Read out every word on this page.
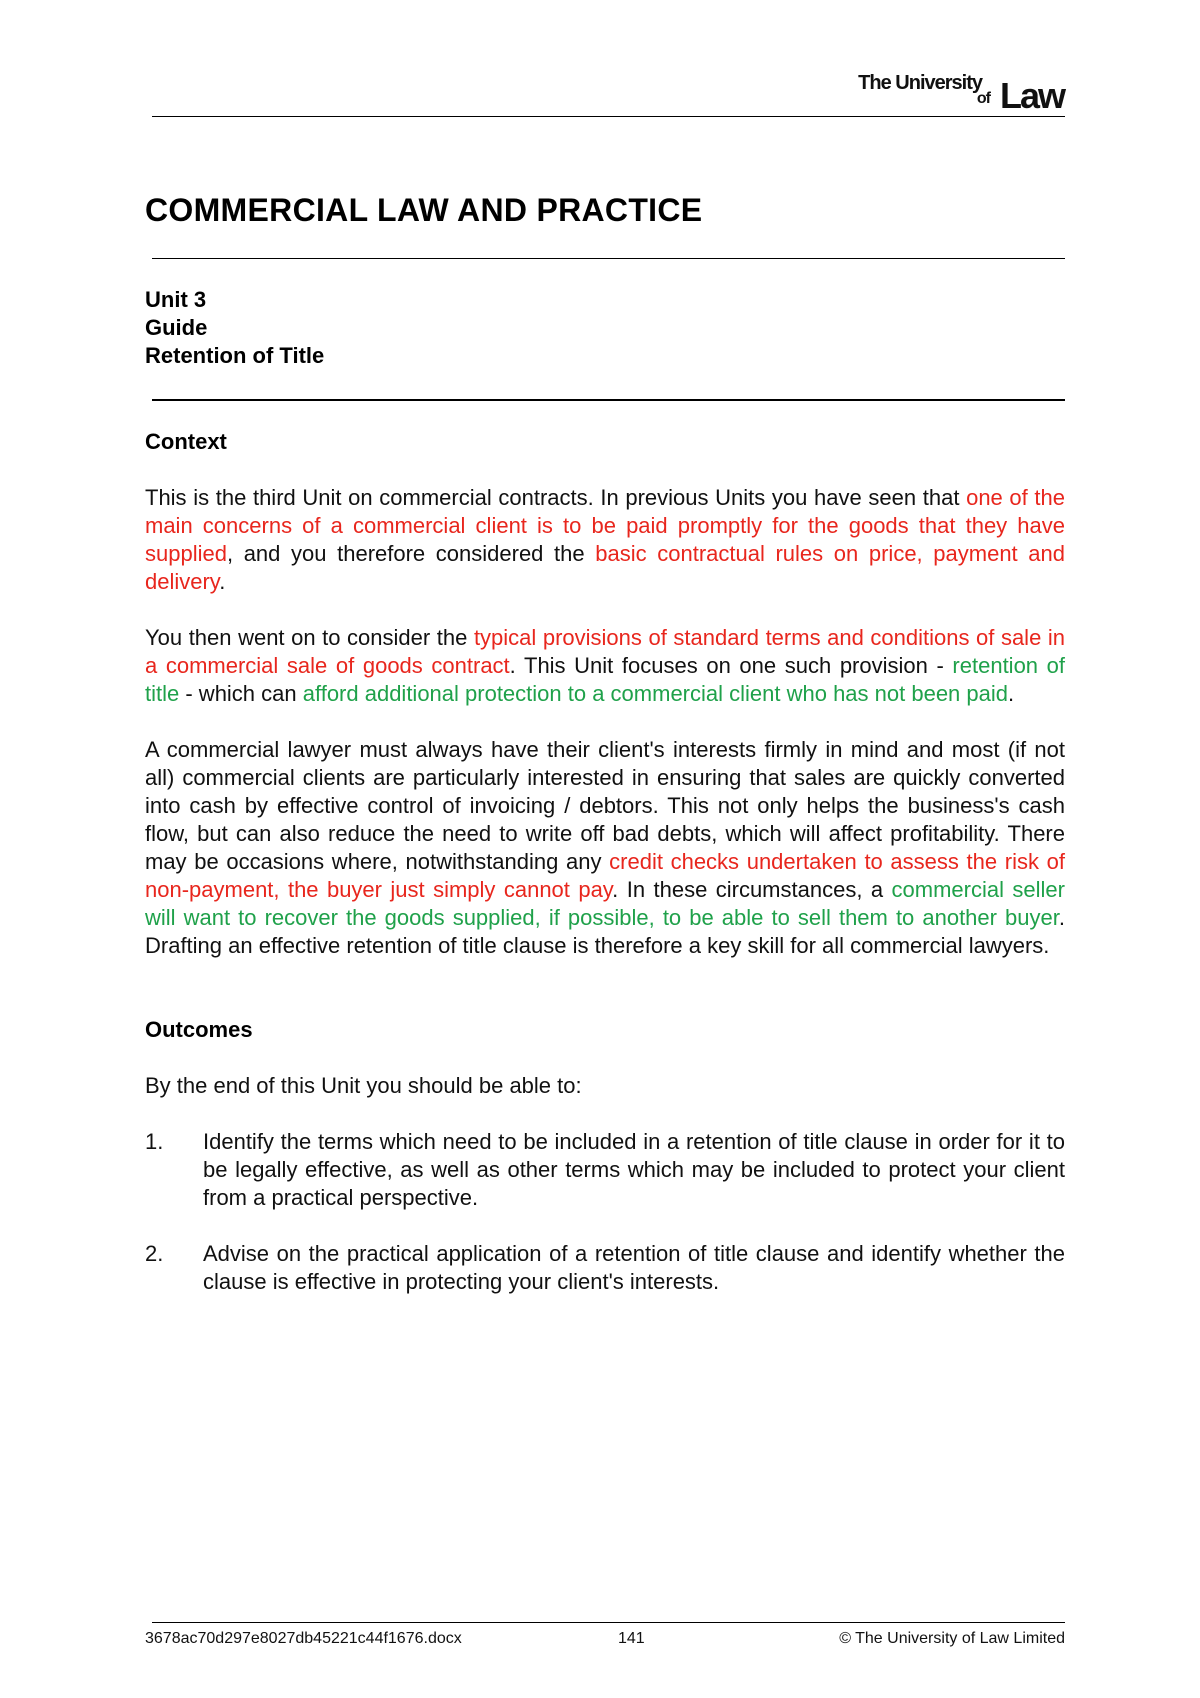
The University
of Law
COMMERCIAL LAW AND PRACTICE
Unit 3
Guide
Retention of Title
Context

This is the third Unit on commercial contracts. In previous Units you have seen that one of the main concerns of a commercial client is to be paid promptly for the goods that they have supplied, and you therefore considered the basic contractual rules on price, payment and delivery.

You then went on to consider the typical provisions of standard terms and conditions of sale in a commercial sale of goods contract. This Unit focuses on one such provision - retention of title - which can afford additional protection to a commercial client who has not been paid.

A commercial lawyer must always have their client's interests firmly in mind and most (if not all) commercial clients are particularly interested in ensuring that sales are quickly converted into cash by effective control of invoicing / debtors. This not only helps the business's cash flow, but can also reduce the need to write off bad debts, which will affect profitability. There may be occasions where, notwithstanding any credit checks undertaken to assess the risk of non-payment, the buyer just simply cannot pay. In these circumstances, a commercial seller will want to recover the goods supplied, if possible, to be able to sell them to another buyer. Drafting an effective retention of title clause is therefore a key skill for all commercial lawyers.

Outcomes

By the end of this Unit you should be able to:

1. Identify the terms which need to be included in a retention of title clause in order for it to be legally effective, as well as other terms which may be included to protect your client from a practical perspective.
2. Advise on the practical application of a retention of title clause and identify whether the clause is effective in protecting your client's interests.
3678ac70d297e8027db45221c44f1676.docx	141	© The University of Law Limited
